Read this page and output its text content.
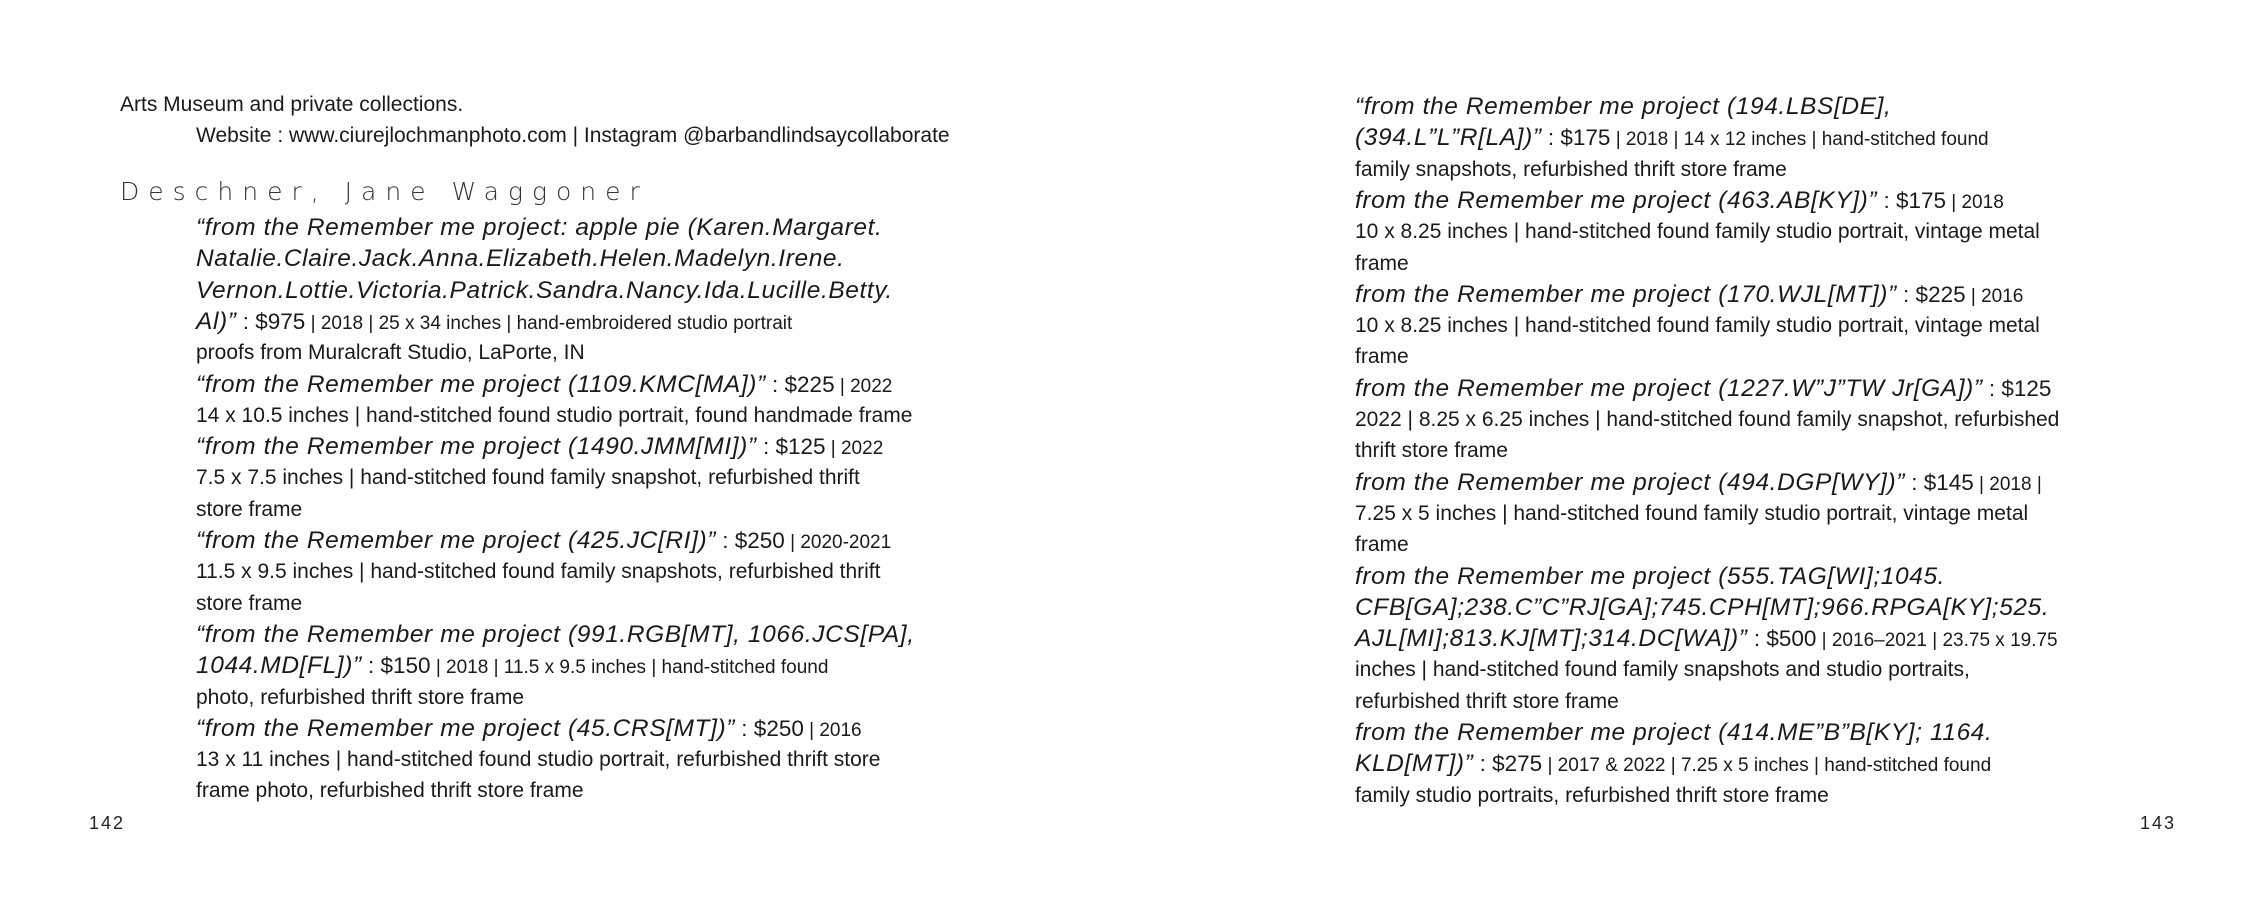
Arts Museum and private collections.
Website : www.ciurejlochmanphoto.com | Instagram @barbandlindsaycollaborate
Deschner, Jane Waggoner
“from the Remember me project: apple pie (Karen.Margaret.
Natalie.Claire.Jack.Anna.Elizabeth.Helen.Madelyn.Irene.
Vernon.Lottie.Victoria.Patrick.Sandra.Nancy.Ida.Lucille.Betty.
Al)” : $975 | 2018 | 25 x 34 inches | hand-embroidered studio portrait
proofs from Muralcraft Studio, LaPorte, IN
“from the Remember me project (1109.KMC[MA])” : $225 | 2022
14 x 10.5 inches | hand-stitched found studio portrait, found handmade frame
“from the Remember me project (1490.JMM[MI])” : $125 | 2022
7.5 x 7.5 inches | hand-stitched found family snapshot, refurbished thrift
store frame
“from the Remember me project (425.JC[RI])” : $250 | 2020-2021
11.5 x 9.5 inches | hand-stitched found family snapshots, refurbished thrift
store frame
“from the Remember me project (991.RGB[MT], 1066.JCS[PA],
1044.MD[FL])” : $150 | 2018 | 11.5 x 9.5 inches | hand-stitched found
photo, refurbished thrift store frame
“from the Remember me project (45.CRS[MT])” : $250 | 2016
13 x 11 inches | hand-stitched found studio portrait, refurbished thrift store
frame photo, refurbished thrift store frame
142
“from the Remember me project (194.LBS[DE],
(394.L”L”R[LA])” : $175 | 2018 | 14 x 12 inches | hand-stitched found
family snapshots, refurbished thrift store frame
from the Remember me project (463.AB[KY])” : $175 | 2018
10 x 8.25 inches | hand-stitched found family studio portrait, vintage metal
frame
from the Remember me project (170.WJL[MT])” : $225 | 2016
10 x 8.25 inches | hand-stitched found family studio portrait, vintage metal
frame
from the Remember me project (1227.W”J”TW Jr[GA])” : $125
2022 | 8.25 x 6.25 inches | hand-stitched found family snapshot, refurbished
thrift store frame
from the Remember me project (494.DGP[WY])” : $145 | 2018 |
7.25 x 5 inches | hand-stitched found family studio portrait, vintage metal
frame
from the Remember me project (555.TAG[WI];1045.
CFB[GA];238.C”C”RJ[GA];745.CPH[MT];966.RPGA[KY];525.
AJL[MI];813.KJ[MT];314.DC[WA])” : $500 | 2016–2021 | 23.75 x 19.75
inches | hand-stitched found family snapshots and studio portraits,
refurbished thrift store frame
from the Remember me project (414.ME”B”B[KY]; 1164.
KLD[MT])” : $275 | 2017 & 2022 | 7.25 x 5 inches | hand-stitched found
family studio portraits, refurbished thrift store frame
143
